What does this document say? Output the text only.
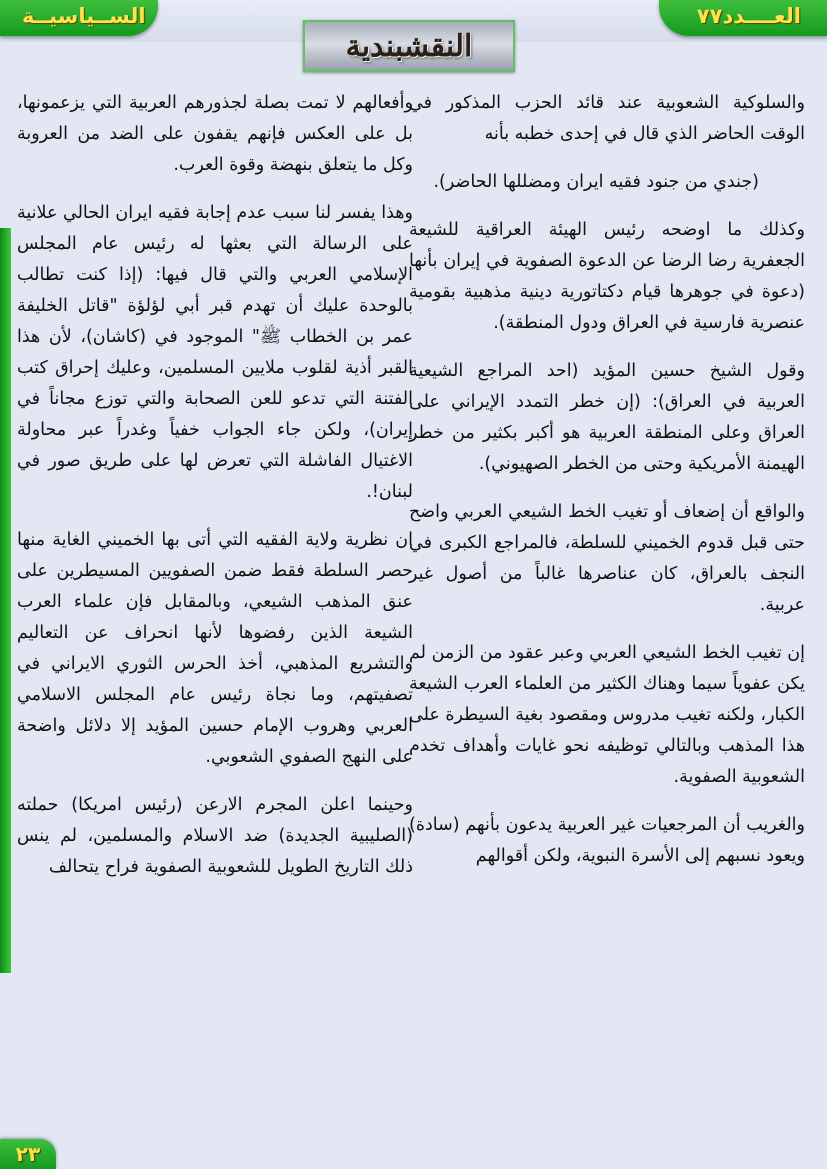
العــــدد٧٧
الســياسيــة
النقشبندية

والسلوكية الشعوبية عند قائد الحزب المذكور في الوقت الحاضر الذي قال في إحدى خطبه بأنه

(جندي من جنود فقيه ايران ومضللها الحاضر).

وكذلك ما اوضحه رئيس الهيئة العراقية للشيعة الجعفرية رضا الرضا عن الدعوة الصفوية في إيران بأنها (دعوة في جوهرها قيام دكتاتورية دينية مذهبية بقومية عنصرية فارسية في العراق ودول المنطقة).

وقول الشيخ حسين المؤيد (احد المراجع الشيعية العربية في العراق): (إن خطر التمدد الإيراني على العراق وعلى المنطقة العربية هو أكبر بكثير من خطر الهيمنة الأمريكية وحتى من الخطر الصهيوني).

والواقع أن إضعاف أو تغيب الخط الشيعي العربي واضح حتى قبل قدوم الخميني للسلطة، فالمراجع الكبرى في النجف بالعراق، كان عناصرها غالباً من أصول غير عربية.

إن تغيب الخط الشيعي العربي وعبر عقود من الزمن لم يكن عفوياً سيما وهناك الكثير من العلماء العرب الشيعة الكبار، ولكنه تغيب مدروس ومقصود بغية السيطرة على هذا المذهب وبالتالي توظيفه نحو غايات وأهداف تخدم الشعوبية الصفوية.

والغريب أن المرجعيات غير العربية يدعون بأنهم (سادة) ويعود نسبهم إلى الأسرة النبوية، ولكن أقوالهم

وأفعالهم لا تمت بصلة لجذورهم العربية التي يزعمونها، بل على العكس فإنهم يقفون على الضد من العروبة وكل ما يتعلق بنهضة وقوة العرب.

وهذا يفسر لنا سبب عدم إجابة فقيه ايران الحالي علانية على الرسالة التي بعثها له رئيس عام المجلس الإسلامي العربي والتي قال فيها: (إذا كنت تطالب بالوحدة عليك أن تهدم قبر أبي لؤلؤة "قاتل الخليفة عمر بن الخطاب ﷺ" الموجود في (كاشان)، لأن هذا القبر أذية لقلوب ملايين المسلمين، وعليك إحراق كتب الفتنة التي تدعو للعن الصحابة والتي توزع مجاناً في إيران)، ولكن جاء الجواب خفياً وغدراً عبر محاولة الاغتيال الفاشلة التي تعرض لها على طريق صور في لبنان!.

ان نظرية ولاية الفقيه التي أتى بها الخميني الغاية منها حصر السلطة فقط ضمن الصفويين المسيطرين على عنق المذهب الشيعي، وبالمقابل فإن علماء العرب الشيعة الذين رفضوها لأنها انحراف عن التعاليم والتشريع المذهبي، أخذ الحرس الثوري الايراني في تصفيتهم، وما نجاة رئيس عام المجلس الاسلامي العربي وهروب الإمام حسين المؤيد إلا دلائل واضحة على النهج الصفوي الشعوبي.

وحينما اعلن المجرم الارعن (رئيس امريكا) حملته (الصليبية الجديدة) ضد الاسلام والمسلمين، لم ينس ذلك التاريخ الطويل للشعوبية الصفوية فراح يتحالف

٢٣
